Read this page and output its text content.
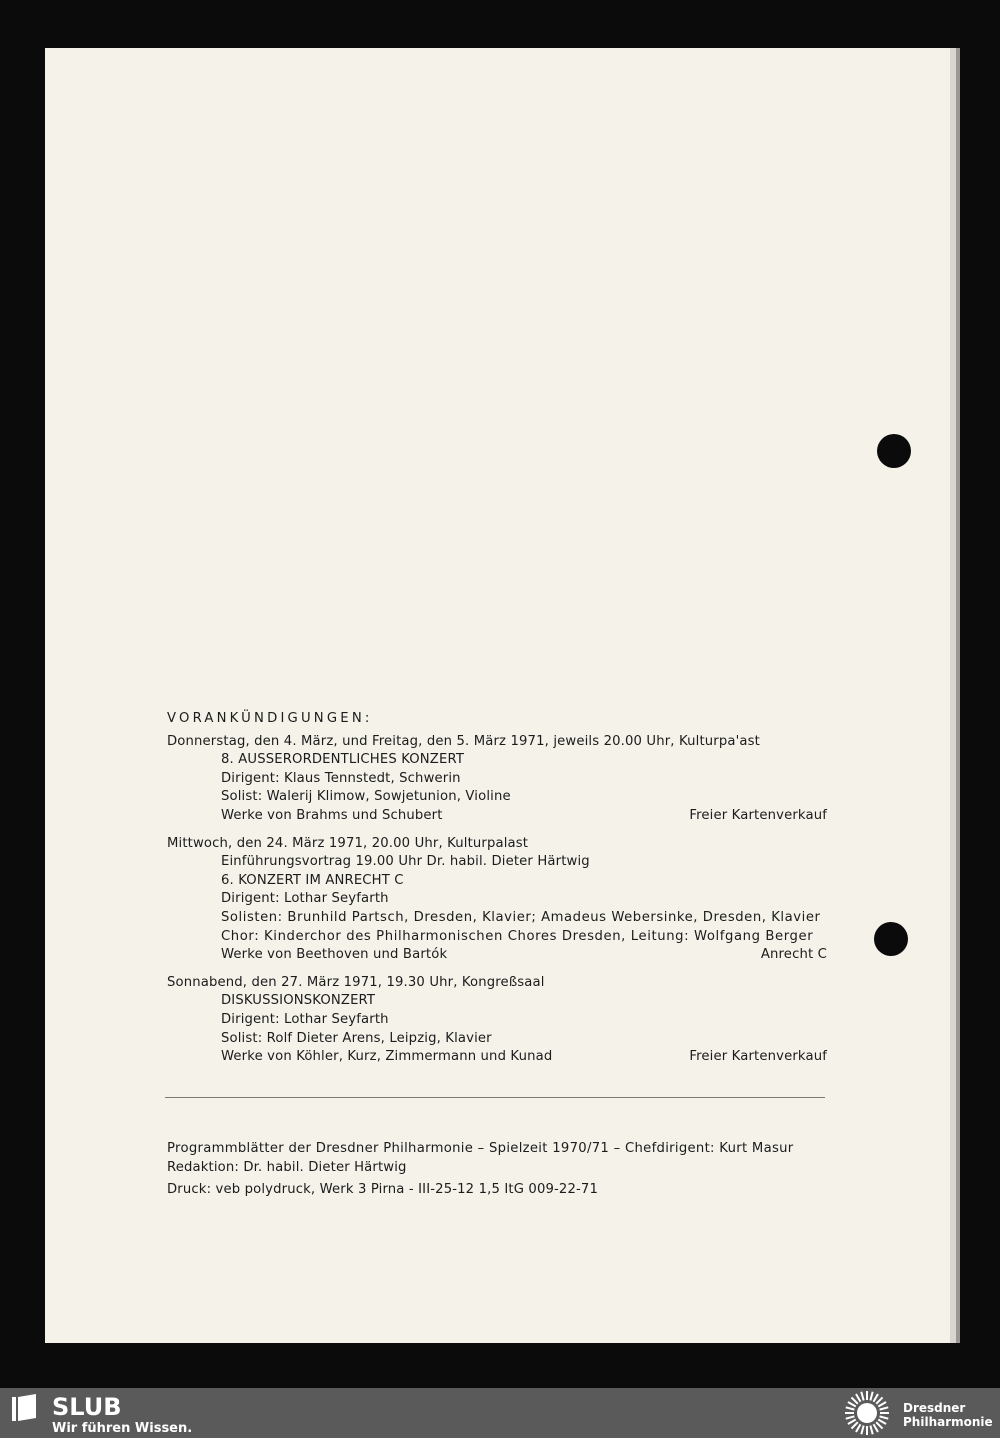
VORANKÜNDIGUNGEN:
Donnerstag, den 4. März, und Freitag, den 5. März 1971, jeweils 20.00 Uhr, Kulturpa'ast
8. AUSSERORDENTLICHES KONZERT
Dirigent: Klaus Tennstedt, Schwerin
Solist: Walerij Klimow, Sowjetunion, Violine
Werke von Brahms und Schubert	Freier Kartenverkauf
Mittwoch, den 24. März 1971, 20.00 Uhr, Kulturpalast
Einführungsvortrag 19.00 Uhr Dr. habil. Dieter Härtwig
6. KONZERT IM ANRECHT C
Dirigent: Lothar Seyfarth
Solisten: Brunhild Partsch, Dresden, Klavier; Amadeus Webersinke, Dresden, Klavier
Chor: Kinderchor des Philharmonischen Chores Dresden, Leitung: Wolfgang Berger
Werke von Beethoven und Bartók	Anrecht C
Sonnabend, den 27. März 1971, 19.30 Uhr, Kongreßsaal
DISKUSSIONSKONZERT
Dirigent: Lothar Seyfarth
Solist: Rolf Dieter Arens, Leipzig, Klavier
Werke von Köhler, Kurz, Zimmermann und Kunad	Freier Kartenverkauf
Programmblätter der Dresdner Philharmonie – Spielzeit 1970/71 – Chefdirigent: Kurt Masur
Redaktion: Dr. habil. Dieter Härtwig
Druck: veb polydruck, Werk 3 Pirna - III-25-12 1,5 ItG 009-22-71
SLUB
Wir führen Wissen.
Dresdner
Philharmonie
